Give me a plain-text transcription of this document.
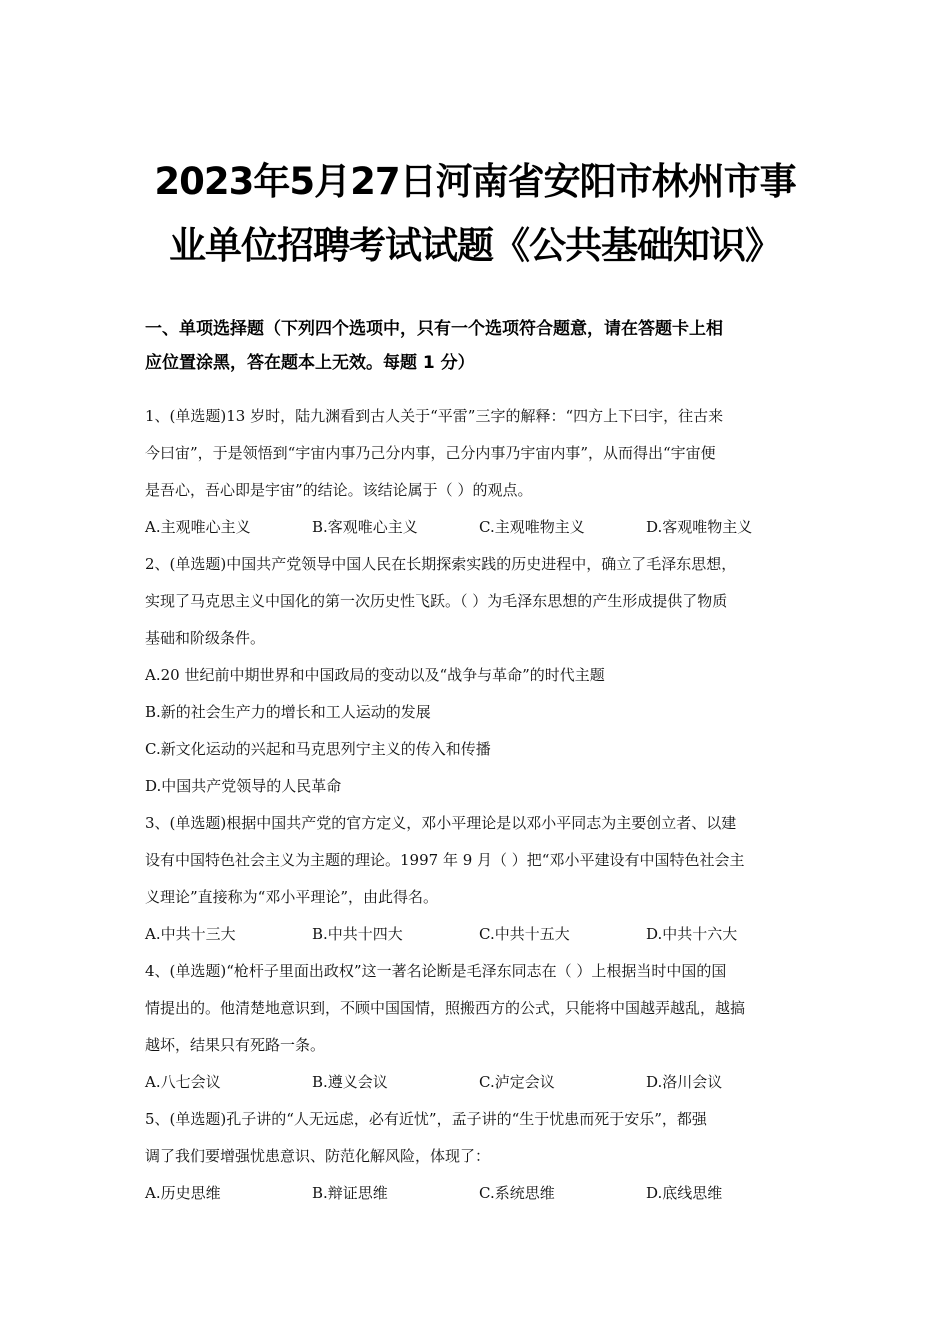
2023年5月27日河南省安阳市林州市事
业单位招聘考试试题《公共基础知识》
一、单项选择题（下列四个选项中，只有一个选项符合题意，请在答题卡上相
应位置涂黑，答在题本上无效。每题 1 分）
1、(单选题)13 岁时，陆九渊看到古人关于“平雷”三字的解释：“四方上下曰宇，往古来
今曰宙”，于是领悟到“宇宙内事乃己分内事，己分内事乃宇宙内事”，从而得出“宇宙便
是吾心，吾心即是宇宙”的结论。该结论属于（ ）的观点。
A.主观唯心主义	B.客观唯心主义	C.主观唯物主义	D.客观唯物主义
2、(单选题)中国共产党领导中国人民在长期探索实践的历史进程中，确立了毛泽东思想，
实现了马克思主义中国化的第一次历史性飞跃。（ ）为毛泽东思想的产生形成提供了物质
基础和阶级条件。
A.20 世纪前中期世界和中国政局的变动以及“战争与革命”的时代主题
B.新的社会生产力的增长和工人运动的发展
C.新文化运动的兴起和马克思列宁主义的传入和传播
D.中国共产党领导的人民革命
3、(单选题)根据中国共产党的官方定义，邓小平理论是以邓小平同志为主要创立者、以建
设有中国特色社会主义为主题的理论。1997 年 9 月（ ）把“邓小平建设有中国特色社会主
义理论”直接称为“邓小平理论”，由此得名。
A.中共十三大	B.中共十四大	C.中共十五大	D.中共十六大
4、(单选题)“枪杆子里面出政权”这一著名论断是毛泽东同志在（ ）上根据当时中国的国
情提出的。他清楚地意识到，不顾中国国情，照搬西方的公式，只能将中国越弄越乱，越搞
越坏，结果只有死路一条。
A.八七会议	B.遵义会议	C.泸定会议	D.洛川会议
5、(单选题)孔子讲的“人无远虑，必有近忧”，孟子讲的“生于忧患而死于安乐”，都强
调了我们要增强忧患意识、防范化解风险，体现了：
A.历史思维	B.辩证思维	C.系统思维	D.底线思维
